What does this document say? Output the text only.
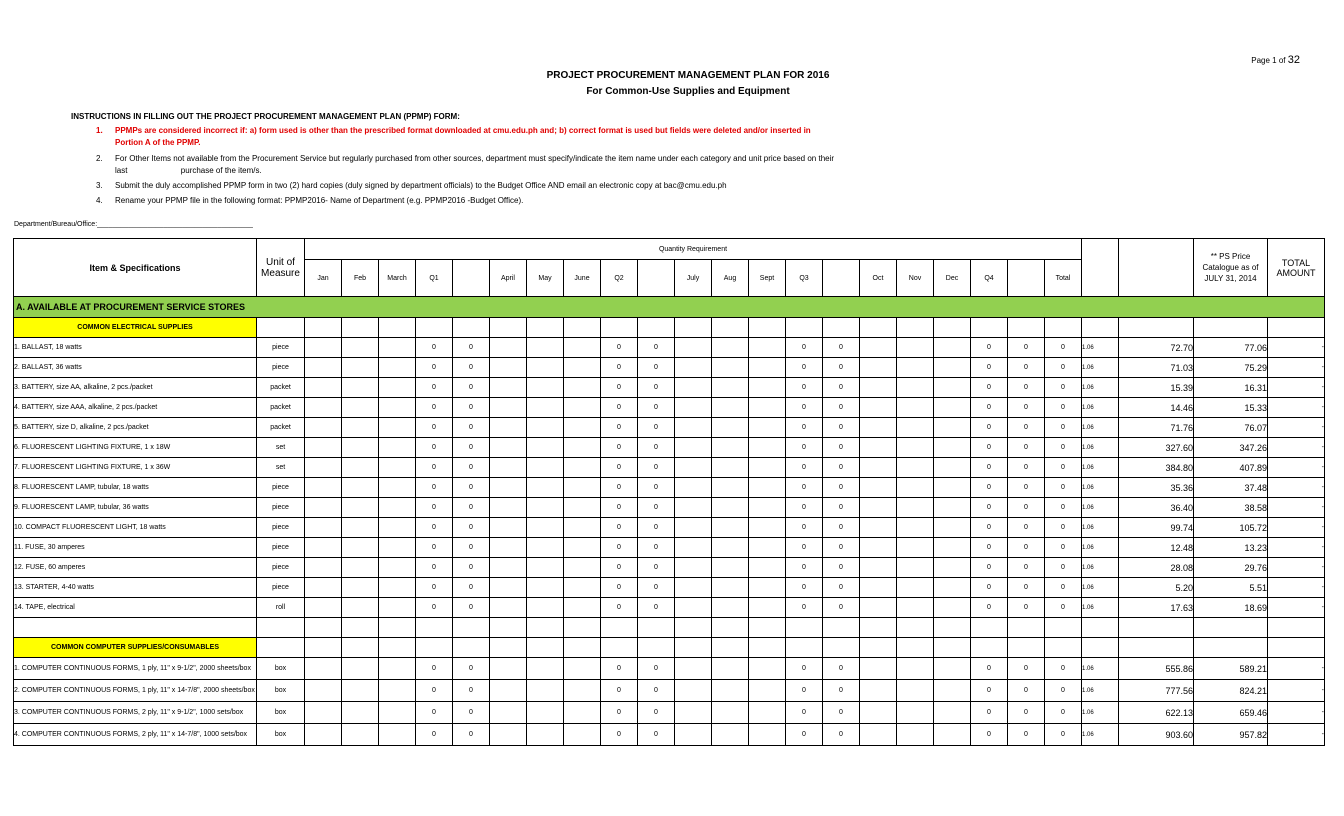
Page 1 of 32
PROJECT PROCUREMENT MANAGEMENT PLAN FOR 2016
For Common-Use Supplies and Equipment
INSTRUCTIONS IN FILLING OUT THE PROJECT PROCUREMENT MANAGEMENT PLAN (PPMP) FORM:
1.	PPMPs are considered incorrect if: a) form used is other than the prescribed format downloaded at cmu.edu.ph and; b) correct format is used but fields were deleted and/or inserted in
Portion A of the PPMP.
2.	For Other Items not available from the Procurement Service but regularly purchased from other sources, department must specify/indicate the item name under each category and unit price based on their
last                        purchase of the item/s.
3.	Submit the duly accomplished PPMP form in two (2) hard copies (duly signed by department officials) to the Budget Office AND email an electronic copy at bac@cmu.edu.ph
4.	Rename your PPMP file in the following format: PPMP2016- Name of Department (e.g. PPMP2016 -Budget Office).
Department/Bureau/Office:________________________________________
Item & Specifications	Unit of Measure	Quantity Requirement																							** PS Price Catalogue as of JULY 31, 2014	TOTAL AMOUNT
		Jan	Feb	March	Q1		April	May	June	Q2		July	Aug	Sept	Q3		Oct	Nov	Dec	Q4		Total				
A. AVAILABLE AT PROCUREMENT SERVICE STORES																										
COMMON ELECTRICAL SUPPLIES																										
1. BALLAST, 18 watts	piece				0	0				0	0				0	0				0	0	0	1.06	72.70	77.06	-
2. BALLAST, 36 watts	piece				0	0				0	0				0	0				0	0	0	1.06	71.03	75.29	-
3. BATTERY, size AA, alkaline, 2 pcs./packet	packet				0	0				0	0				0	0				0	0	0	1.06	15.39	16.31	-
4. BATTERY, size AAA, alkaline, 2 pcs./packet	packet				0	0				0	0				0	0				0	0	0	1.06	14.46	15.33	-
5. BATTERY, size D, alkaline, 2 pcs./packet	packet				0	0				0	0				0	0				0	0	0	1.06	71.76	76.07	-
6. FLUORESCENT LIGHTING FIXTURE, 1 x 18W	set				0	0				0	0				0	0				0	0	0	1.06	327.60	347.26	-
7. FLUORESCENT LIGHTING FIXTURE, 1 x 36W	set				0	0				0	0				0	0				0	0	0	1.06	384.80	407.89	-
8. FLUORESCENT LAMP, tubular, 18 watts	piece				0	0				0	0				0	0				0	0	0	1.06	35.36	37.48	-
9. FLUORESCENT LAMP, tubular, 36 watts	piece				0	0				0	0				0	0				0	0	0	1.06	36.40	38.58	-
10. COMPACT FLUORESCENT LIGHT, 18 watts	piece				0	0				0	0				0	0				0	0	0	1.06	99.74	105.72	-
11. FUSE, 30 amperes	piece				0	0				0	0				0	0				0	0	0	1.06	12.48	13.23	-
12. FUSE, 60 amperes	piece				0	0				0	0				0	0				0	0	0	1.06	28.08	29.76	-
13. STARTER, 4-40 watts	piece				0	0				0	0				0	0				0	0	0	1.06	5.20	5.51	-
14. TAPE, electrical	roll				0	0				0	0				0	0				0	0	0	1.06	17.63	18.69	-

COMMON COMPUTER SUPPLIES/CONSUMABLES																										
1. COMPUTER CONTINUOUS FORMS, 1 ply, 11" x 9-1/2", 2000 sheets/box	box				0	0				0	0				0	0				0	0	0	1.06	555.86	589.21	-
2. COMPUTER CONTINUOUS FORMS, 1 ply, 11" x 14-7/8", 2000 sheets/box	box				0	0				0	0				0	0				0	0	0	1.06	777.56	824.21	-
3. COMPUTER CONTINUOUS FORMS, 2 ply, 11" x 9-1/2", 1000 sets/box	box				0	0				0	0				0	0				0	0	0	1.06	622.13	659.46	-
4. COMPUTER CONTINUOUS FORMS, 2 ply, 11" x 14-7/8", 1000 sets/box	box				0	0				0	0				0	0				0	0	0	1.06	903.60	957.82	-
